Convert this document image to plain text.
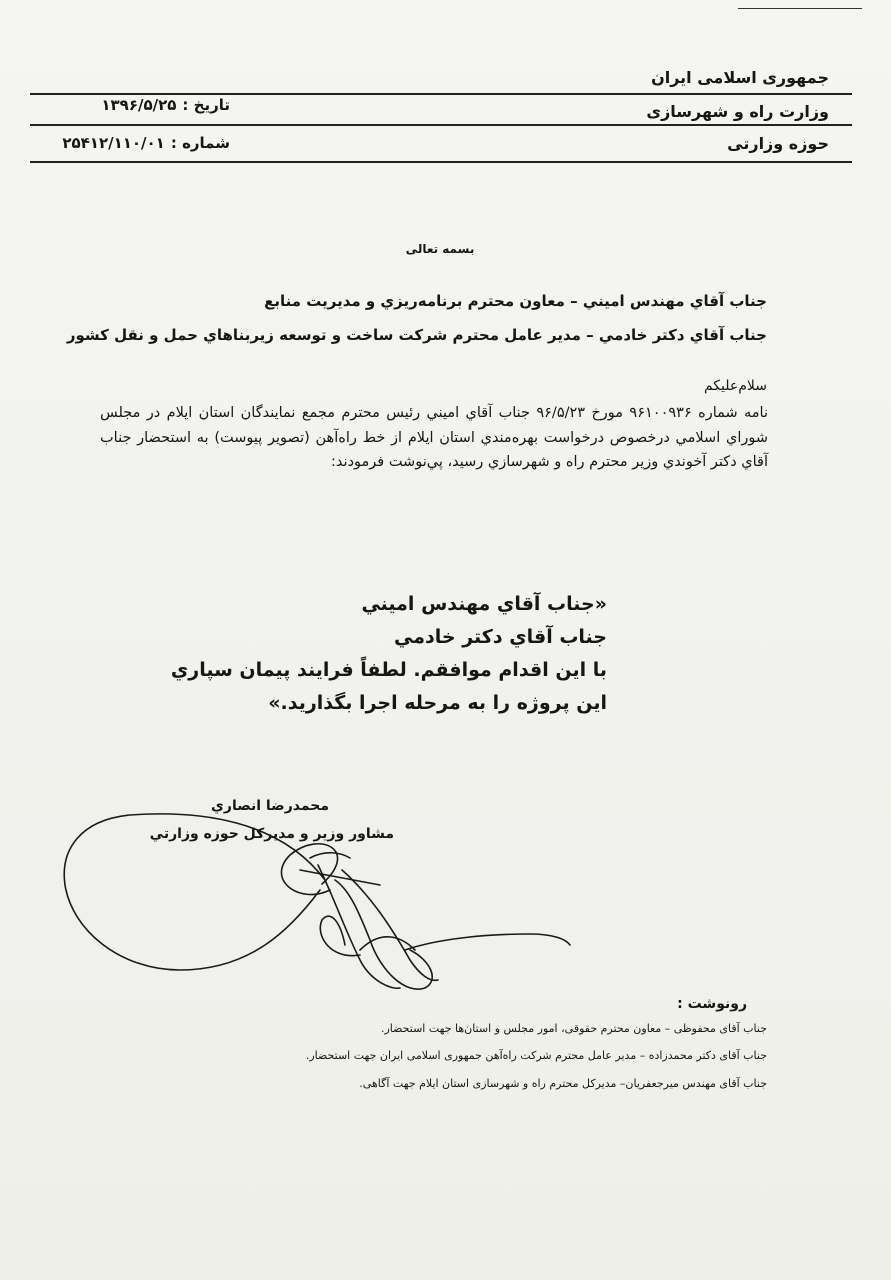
جمهوری اسلامی ایران
وزارت راه و شهرسازی
حوزه وزارتی
تاریخ :۱۳۹۶/۵/۲۵
شماره :۲۵۴۱۲/۱۱۰/۰۱
بسمه تعالی
جناب آقاي مهندس اميني – معاون محترم برنامه‌ريزي و مديريت منابع
جناب آقاي دكتر خادمي – مدير عامل محترم شركت ساخت و توسعه زيربناهاي حمل و نقل كشور
سلام‌عليكم
نامه شماره ۹۶۱۰۰۹۳۶ مورخ ۹۶/۵/۲۳ جناب آقاي اميني رئيس محترم مجمع نمايندگان استان ايلام در مجلس شوراي اسلامي درخصوص درخواست بهره‌مندي استان ايلام از خط راه‌آهن (تصوير پيوست) به استحضار جناب آقاي دكتر آخوندي وزير محترم راه و شهرسازي رسيد، پي‌نوشت فرمودند:
«جناب آقاي مهندس اميني
جناب آقاي دكتر خادمي
با اين اقدام موافقم. لطفاً فرايند پيمان سپاري
اين پروژه را به مرحله اجرا بگذاريد.»
محمدرضا انصاري
مشاور وزير و مديركل حوزه وزارتي
رونوشت :
جناب آقای محفوظی – معاون محترم حقوقی، امور مجلس و استان‌ها جهت استحضار.
جناب آقای دکتر محمدزاده – مدیر عامل محترم شرکت راه‌آهن جمهوری اسلامی ایران جهت استحضار.
جناب آقای مهندس میرجعفریان– مدیرکل محترم راه و شهرسازی استان ایلام جهت آگاهی.
